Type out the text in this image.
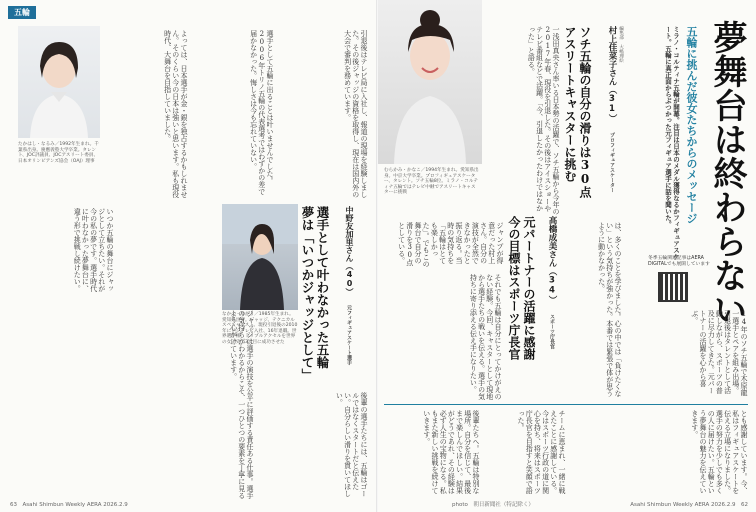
五輪
たかはし・なるみ／1992年生まれ。千葉県出身。慶應義塾大学卒業。タレント、JOC評議員、JOCアスリート委員、日本オリンピアンズ協会（OAJ）理事	よっては、日本選手が金・銀を独占するかもしれません。そのくらい今の日本は強いと思います。私も現役時代、大舞台を目指していました。	選手として五輪に出ることは叶いませんでした。2006年トリノ五輪の代表選考ではわずかの差で届かなかった。悔しさは今も忘れていない。	引退後はテレビ局に入社し、報道の現場を経験しました。その後ジャッジの資格を取得し、現在は国内外の大会で審判を務めています。
いつか五輪の舞台にジャッジとして立ちたい。それが今の私の夢です。選手時代に叶わなかった夢舞台に、違う形で挑戦し続けたい。
ジャッジは選手の演技を公平に評価する責任ある仕事。選手の気持ちがわかるからこそ、一つひとつの要素を丁寧に見るよう心がけています。
なかの・ゆかり／1985年生まれ。愛知県出身。ジャッジ、テクニカルスペシャリスト。現役引退後の2010年にフジテレビ入社、16年退職。世界選手権、トリプルアクセルを世界の女子史上3人目に成功させた	選手として叶わなかった五輪
夢は「いつかジャッジとして」	中野友加里さん（40） 元フィギュアスケート選手
後輩の選手たちには、五輪はゴールではなくスタートだと伝えたい。自分らしい滑りを貫いてほしい。
63　Asahi Shimbun Weekly AERA 2026.2.9
夢舞台は終わらない
五輪に挑んだ彼女たちからのメッセージ
ミラノ・コルティナ五輪が開幕。注目は日本のメダル獲得なるかフィギュアスケート。五輪に真正面からぶつかった元フィギュア選手に話を聞いた。
編集部　大嶋理絵
村上佳菜子さん（31） プロフィギュアスケーター
ソチ五輪の自分の滑りは30点
アスリートキャスターに挑む
むらかみ・かなこ／1994年生まれ。愛知県出身。中京大学卒業。プロフィギュアスケーター、タレント。ソチ五輪8位。ミラノ・コルティナ五輪ではテレビ中継でアスリートキャスターに挑戦	一浅田真央さん率いる日本勢の活躍で、ソチ五輪から今年の2017年春、現役を引退した。その後はアイスショーやテレビ番組などで活躍。「今、引退したかったわけではなかった」と語る。
冬季五輪関連記事はAERA DIGITALでも展開しています
ジャンプが得意だった村上さん。自分の演技が全然できなかったと振り返る。当時の気持ちを「五輪はとても楽しかった」。でもこの舞台で自分の滑りを30点としている。	高橋成美さん（34） スポーツ庁長官
元パートナーの活躍に感謝
今の目標はスポーツ庁長官	は、多くのことを学びました。心の中では「負けたくない」という気持ちが強かった。本番では緊張で体が思うように動かなかった。
それでも五輪は自分にとってかけがえのない経験。今回、キャスターとして現地から選手たちの戦いを伝える。選手の気持ちに寄り添える伝え手になりたい。	14年のソチ五輪で木原龍一選手とペアを組み出場。引退後はタレントとして活動しながら、スポーツの普及に尽力してきた。元パートナーの活躍を心から喜ぶ。
とも感謝しています。今、私はフィギュアスケートを伝える立場になりました。選手の努力を少しでも多くの人に届けたい。五輪という夢舞台の魅力を伝えていきます。
後輩たちへ。五輪は特別な場所。自分を信じて、最後まで楽しんでほしい。結果がどうであれ、その経験は必ず人生の宝物になる。私もまた新しい挑戦を続けていきます。	チームに恵まれ、一緒に戦えたことに感謝している。今はスポーツ行政の道に関心を持ち、将来はスポーツ庁長官を目指すと笑顔で語った。
photo　朝日新聞社（特記除く）	Asahi Shimbun Weekly AERA 2026.2.9　62
